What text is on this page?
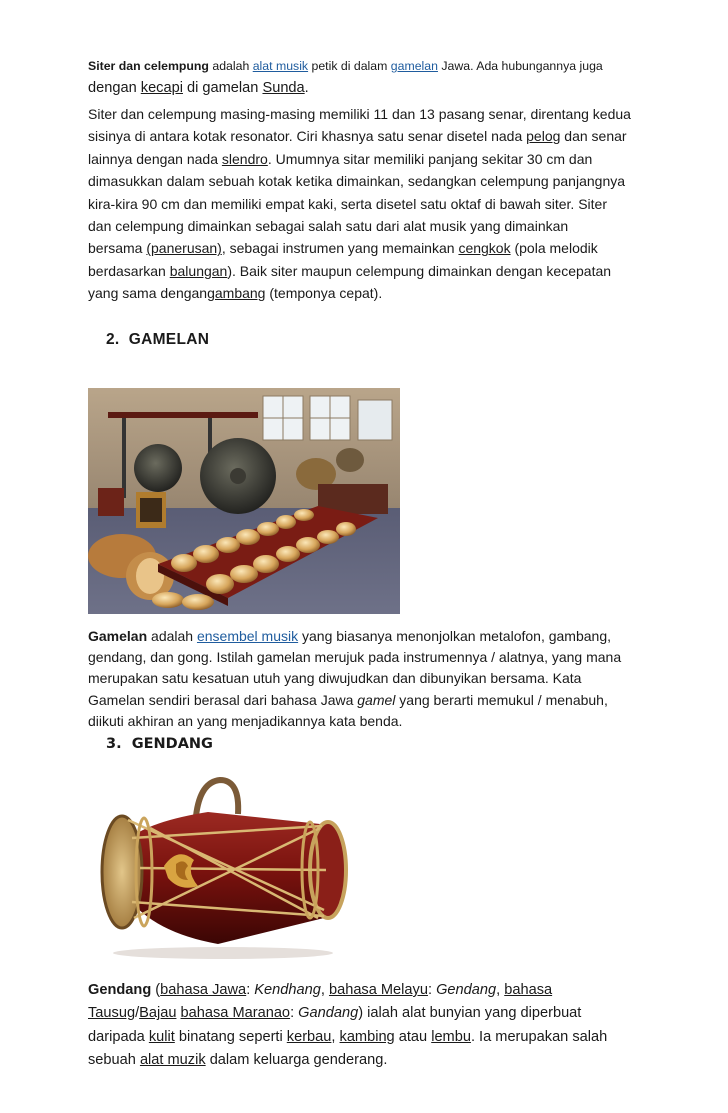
Siter dan celempung adalah alat musik petik di dalam gamelan Jawa. Ada hubungannya juga
dengan kecapi di gamelan Sunda.
Siter dan celempung masing-masing memiliki 11 dan 13 pasang senar, direntang kedua
sisinya di antara kotak resonator. Ciri khasnya satu senar disetel nada pelog dan senar
lainnya dengan nada slendro. Umumnya sitar memiliki panjang sekitar 30 cm dan
dimasukkan dalam sebuah kotak ketika dimainkan, sedangkan celempung panjangnya
kira-kira 90 cm dan memiliki empat kaki, serta disetel satu oktaf di bawah siter. Siter
dan celempung dimainkan sebagai salah satu dari alat musik yang dimainkan
bersama (panerusan), sebagai instrumen yang memainkan cengkok (pola melodik
berdasarkan balungan). Baik siter maupun celempung dimainkan dengan kecepatan
yang sama dengangambang (temponya cepat).
2. GAMELAN
Gamelan adalah ensembel musik yang biasanya menonjolkan metalofon, gambang,
gendang, dan gong. Istilah gamelan merujuk pada instrumennya / alatnya, yang mana
merupakan satu kesatuan utuh yang diwujudkan dan dibunyikan bersama. Kata
Gamelan sendiri berasal dari bahasa Jawa gamel yang berarti memukul / menabuh,
diikuti akhiran an yang menjadikannya kata benda.
3. GENDANG
Gendang (bahasa Jawa: Kendhang, bahasa Melayu: Gendang, bahasa
Tausug/Bajau bahasa Maranao: Gandang) ialah alat bunyian yang diperbuat
daripada kulit binatang seperti kerbau, kambing atau lembu. Ia merupakan salah
sebuah alat muzik dalam keluarga genderang.
